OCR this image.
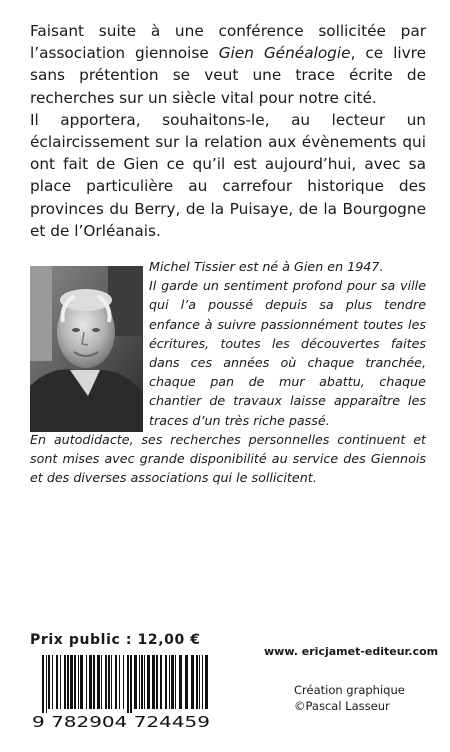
Faisant suite à une conférence sollicitée par l’association giennoise Gien Généalogie, ce livre sans prétention se veut une trace écrite de recherches sur un siècle vital pour notre cité.

Il apportera, souhaitons-le, au lecteur un éclaircissement sur la relation aux évènements qui ont fait de Gien ce qu’il est aujourd’hui, avec sa place particulière au carrefour historique des provinces du Berry, de la Puisaye, de la Bourgogne et de l’Orléanais.

Michel Tissier est né à Gien en 1947.

Il garde un sentiment profond pour sa ville qui l’a poussé depuis sa plus tendre enfance à suivre passionnément toutes les écritures, toutes les découvertes faites dans ces années où chaque tranchée, chaque pan de mur abattu, chaque chantier de travaux laisse apparaître les traces d’un très riche passé.

En autodidacte, ses recherches personnelles continuent et sont mises avec grande disponibilité au service des Giennois et des diverses associations qui le sollicitent.

Prix public : 12,00 €
9 782904 724459
www. ericjamet-editeur.com
Création graphique
©Pascal Lasseur
